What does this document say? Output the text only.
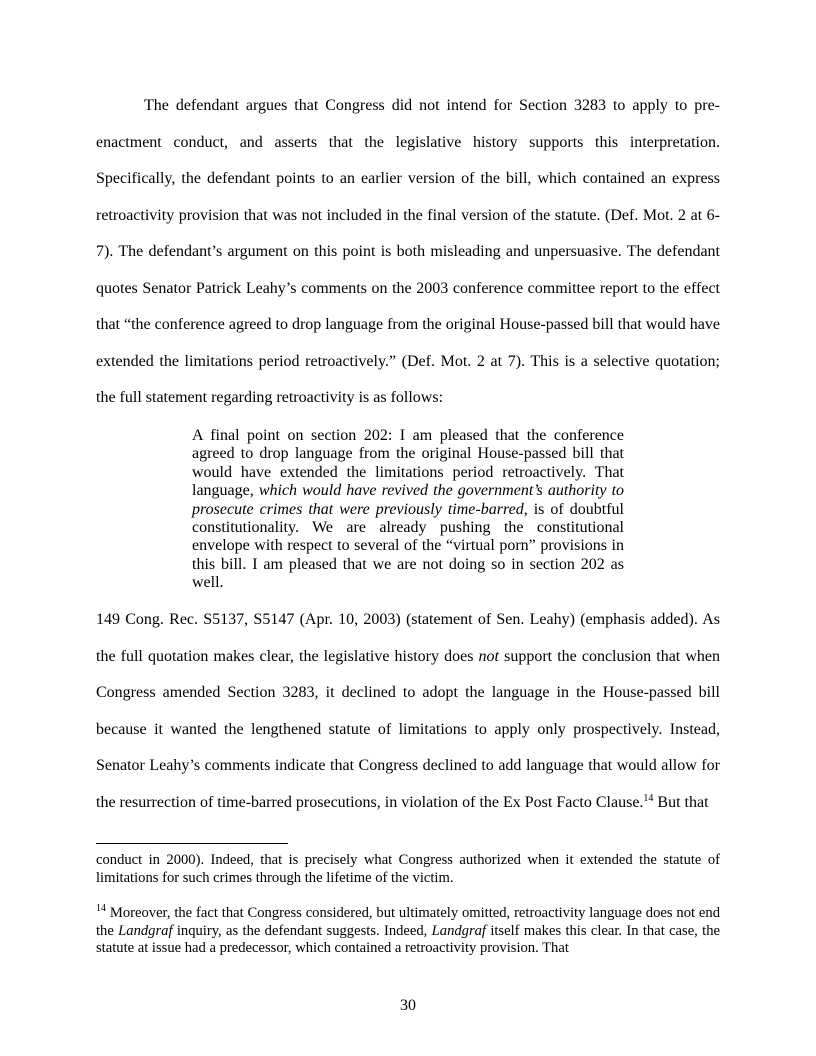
The defendant argues that Congress did not intend for Section 3283 to apply to pre-enactment conduct, and asserts that the legislative history supports this interpretation. Specifically, the defendant points to an earlier version of the bill, which contained an express retroactivity provision that was not included in the final version of the statute. (Def. Mot. 2 at 6-7). The defendant’s argument on this point is both misleading and unpersuasive. The defendant quotes Senator Patrick Leahy’s comments on the 2003 conference committee report to the effect that “the conference agreed to drop language from the original House-passed bill that would have extended the limitations period retroactively.” (Def. Mot. 2 at 7). This is a selective quotation; the full statement regarding retroactivity is as follows:
A final point on section 202: I am pleased that the conference agreed to drop language from the original House-passed bill that would have extended the limitations period retroactively. That language, which would have revived the government’s authority to prosecute crimes that were previously time-barred, is of doubtful constitutionality. We are already pushing the constitutional envelope with respect to several of the “virtual porn” provisions in this bill. I am pleased that we are not doing so in section 202 as well.
149 Cong. Rec. S5137, S5147 (Apr. 10, 2003) (statement of Sen. Leahy) (emphasis added). As the full quotation makes clear, the legislative history does not support the conclusion that when Congress amended Section 3283, it declined to adopt the language in the House-passed bill because it wanted the lengthened statute of limitations to apply only prospectively. Instead, Senator Leahy’s comments indicate that Congress declined to add language that would allow for the resurrection of time-barred prosecutions, in violation of the Ex Post Facto Clause.$^{14}$ But that
conduct in 2000). Indeed, that is precisely what Congress authorized when it extended the statute of limitations for such crimes through the lifetime of the victim.
$^{14}$ Moreover, the fact that Congress considered, but ultimately omitted, retroactivity language does not end the Landgraf inquiry, as the defendant suggests. Indeed, Landgraf itself makes this clear. In that case, the statute at issue had a predecessor, which contained a retroactivity provision. That
30
